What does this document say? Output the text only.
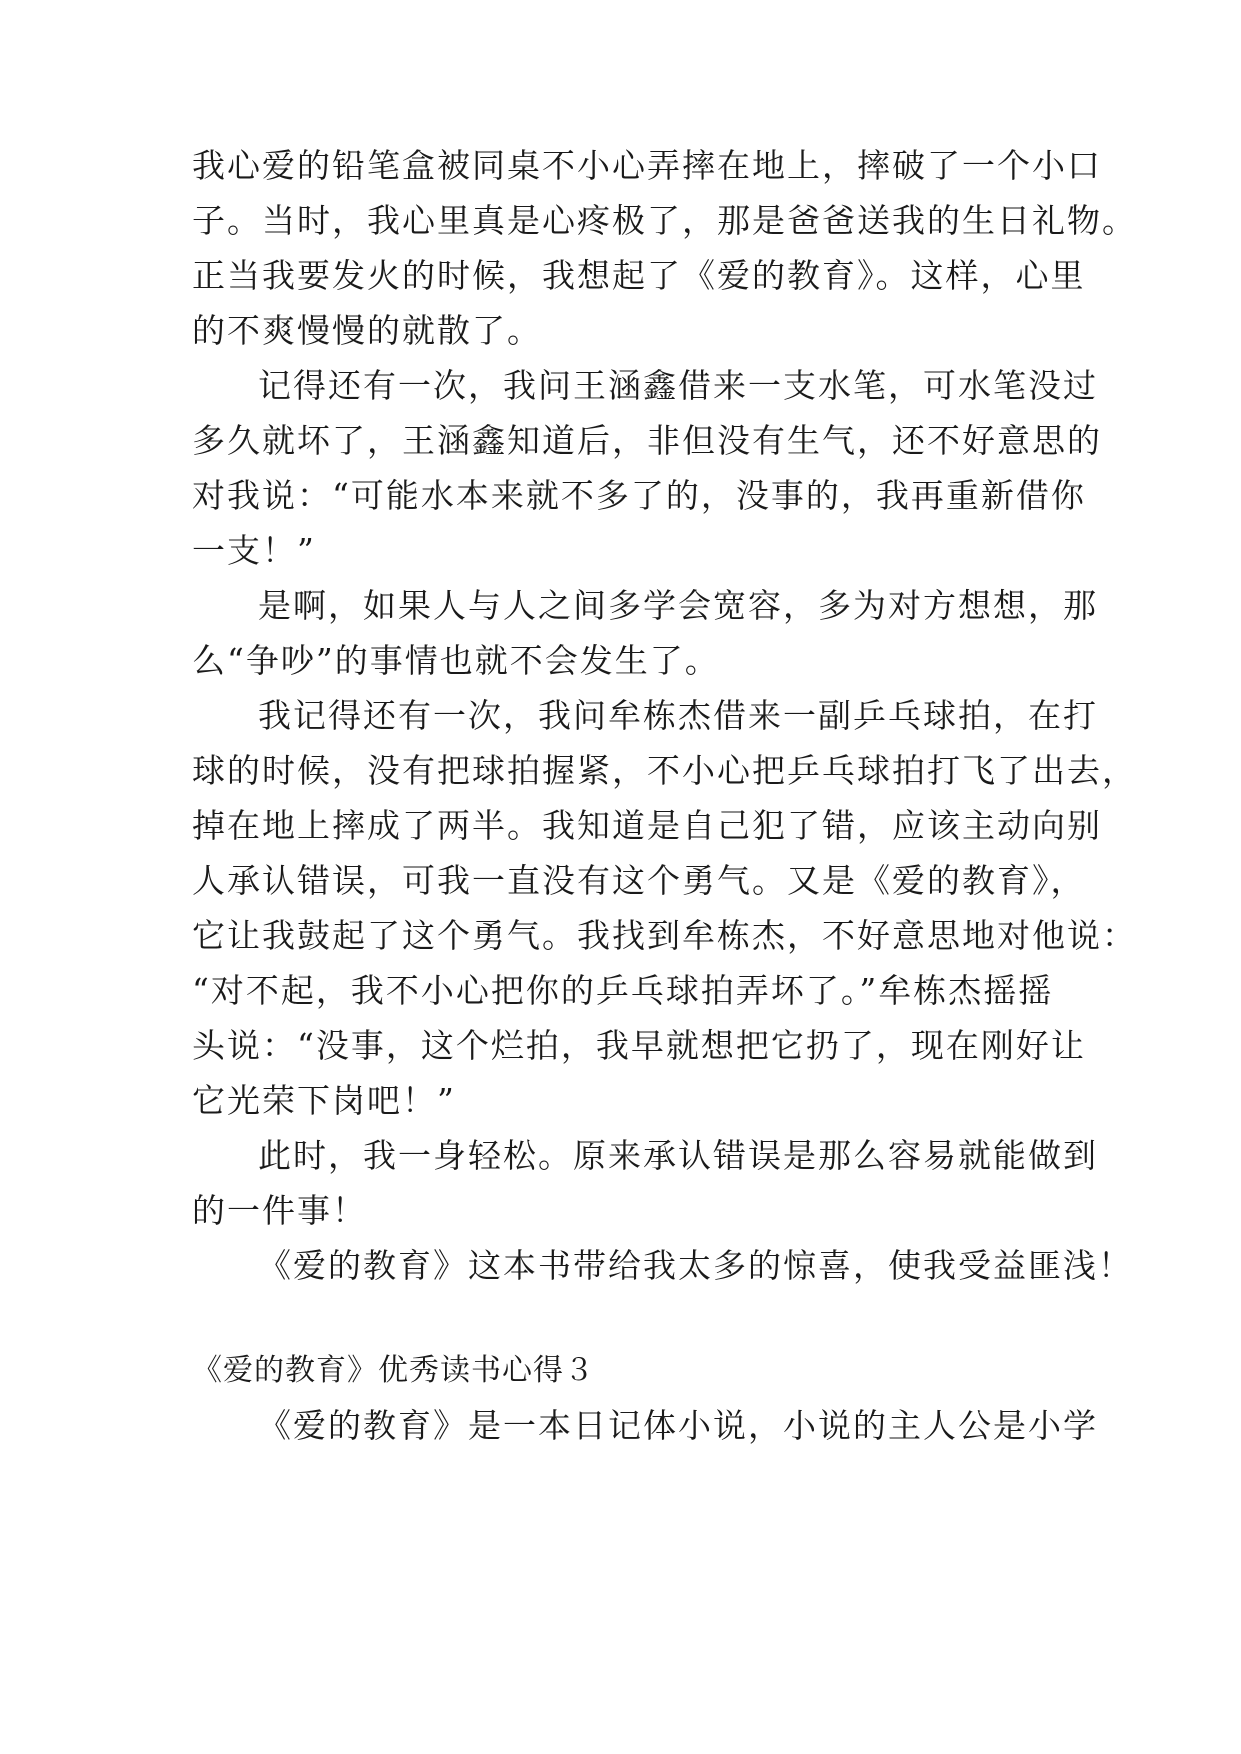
我心爱的铅笔盒被同桌不小心弄摔在地上，摔破了一个小口
子。当时，我心里真是心疼极了，那是爸爸送我的生日礼物。
正当我要发火的时候，我想起了《爱的教育》。这样，心里
的不爽慢慢的就散了。
记得还有一次，我问王涵鑫借来一支水笔，可水笔没过
多久就坏了，王涵鑫知道后，非但没有生气，还不好意思的
对我说：“可能水本来就不多了的，没事的，我再重新借你
一支！”
是啊，如果人与人之间多学会宽容，多为对方想想，那
么“争吵”的事情也就不会发生了。
我记得还有一次，我问牟栋杰借来一副乒乓球拍，在打
球的时候，没有把球拍握紧，不小心把乒乓球拍打飞了出去，
掉在地上摔成了两半。我知道是自己犯了错，应该主动向别
人承认错误，可我一直没有这个勇气。又是《爱的教育》，
它让我鼓起了这个勇气。我找到牟栋杰，不好意思地对他说：
“对不起，我不小心把你的乒乓球拍弄坏了。”牟栋杰摇摇
头说：“没事，这个烂拍，我早就想把它扔了，现在刚好让
它光荣下岗吧！”
此时，我一身轻松。原来承认错误是那么容易就能做到
的一件事！
《爱的教育》这本书带给我太多的惊喜，使我受益匪浅！
《爱的教育》优秀读书心得３
《爱的教育》是一本日记体小说，小说的主人公是小学
